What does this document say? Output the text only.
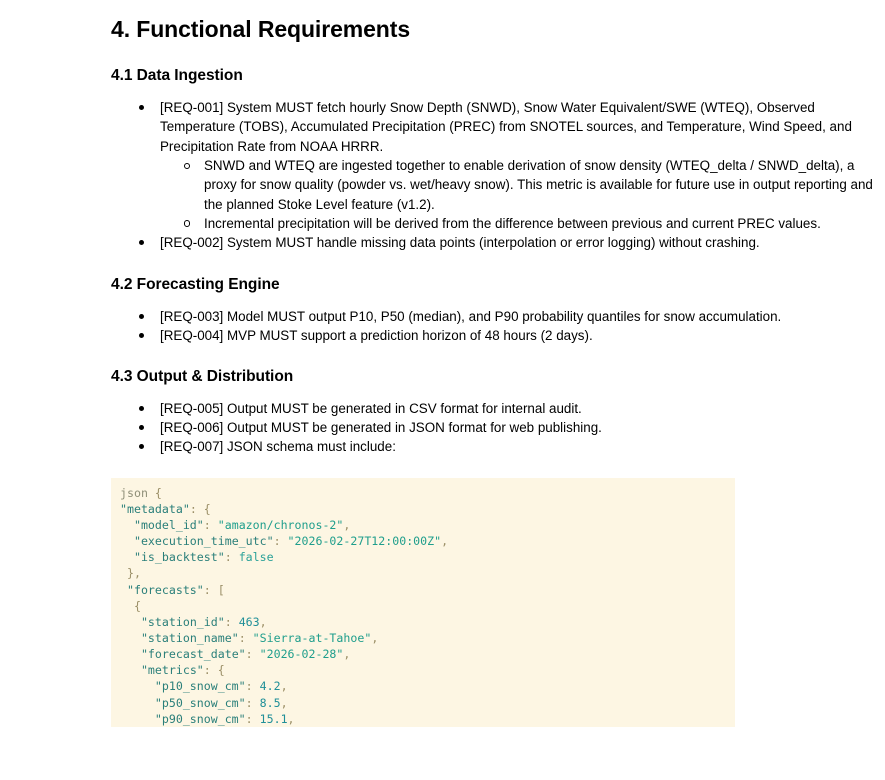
4. Functional Requirements
4.1 Data Ingestion
[REQ-001] System MUST fetch hourly Snow Depth (SNWD), Snow Water Equivalent/SWE (WTEQ), Observed Temperature (TOBS), Accumulated Precipitation (PREC) from SNOTEL sources, and Temperature, Wind Speed, and Precipitation Rate from NOAA HRRR.
SNWD and WTEQ are ingested together to enable derivation of snow density (WTEQ_delta / SNWD_delta), a proxy for snow quality (powder vs. wet/heavy snow). This metric is available for future use in output reporting and the planned Stoke Level feature (v1.2).
Incremental precipitation will be derived from the difference between previous and current PREC values.
[REQ-002] System MUST handle missing data points (interpolation or error logging) without crashing.
4.2 Forecasting Engine
[REQ-003] Model MUST output P10, P50 (median), and P90 probability quantiles for snow accumulation.
[REQ-004] MVP MUST support a prediction horizon of 48 hours (2 days).
4.3 Output & Distribution
[REQ-005] Output MUST be generated in CSV format for internal audit.
[REQ-006] Output MUST be generated in JSON format for web publishing.
[REQ-007] JSON schema must include:
json {
"metadata": {
"model_id": "amazon/chronos-2",
"execution_time_utc": "2026-02-27T12:00:00Z",
"is_backtest": false
},
"forecasts": [
{
"station_id": 463,
"station_name": "Sierra-at-Tahoe",
"forecast_date": "2026-02-28",
"metrics": {
"p10_snow_cm": 4.2,
"p50_snow_cm": 8.5,
"p90_snow_cm": 15.1,
